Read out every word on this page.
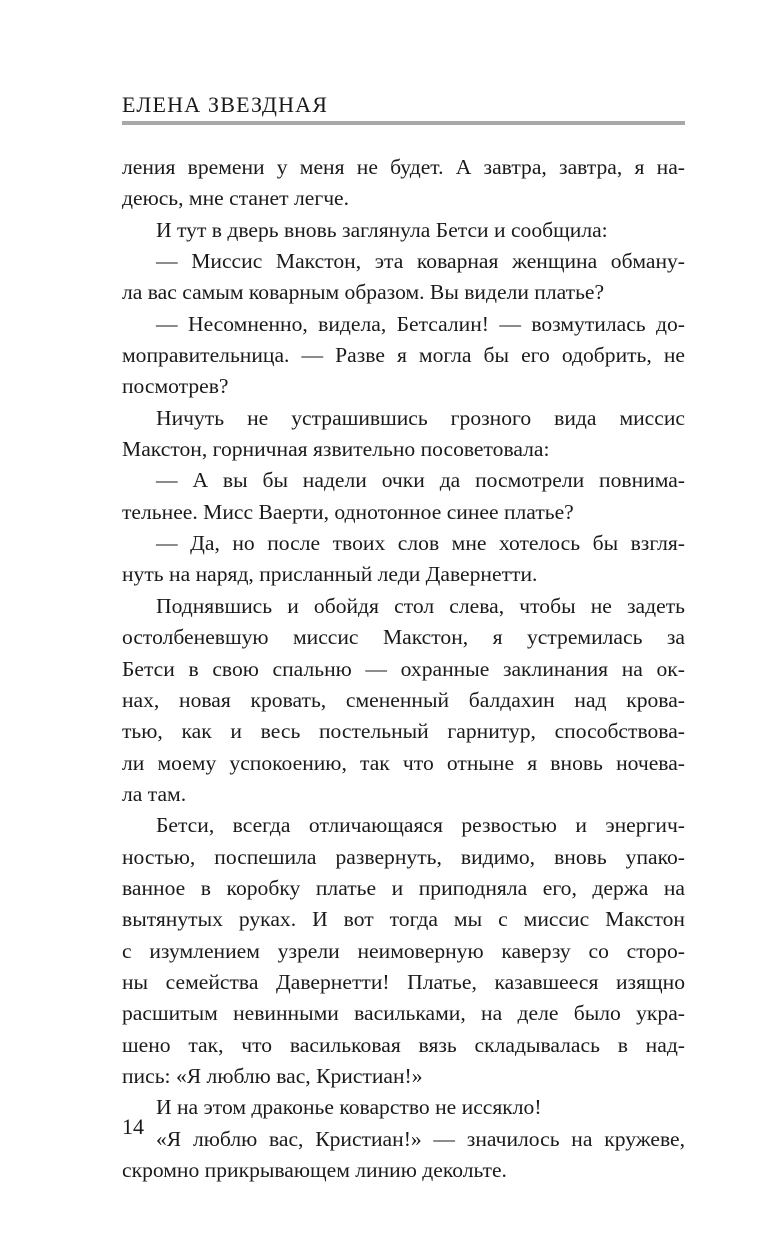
ЕЛЕНА ЗВЕЗДНАЯ
ления времени у меня не будет. А завтра, завтра, я на-
деюсь, мне станет легче.
И тут в дверь вновь заглянула Бетси и сообщила:
— Миссис Макстон, эта коварная женщина обману-
ла вас самым коварным образом. Вы видели платье?
— Несомненно, видела, Бетсалин! — возмутилась до-
моправительница. — Разве я могла бы его одобрить, не
посмотрев?
Ничуть не устрашившись грозного вида миссис
Макстон, горничная язвительно посоветовала:
— А вы бы надели очки да посмотрели повнима-
тельнее. Мисс Ваерти, однотонное синее платье?
— Да, но после твоих слов мне хотелось бы взгля-
нуть на наряд, присланный леди Давернетти.
Поднявшись и обойдя стол слева, чтобы не задеть
остолбеневшую миссис Макстон, я устремилась за
Бетси в свою спальню — охранные заклинания на ок-
нах, новая кровать, смененный балдахин над крова-
тью, как и весь постельный гарнитур, способствова-
ли моему успокоению, так что отныне я вновь ночева-
ла там.
Бетси, всегда отличающаяся резвостью и энергич-
ностью, поспешила развернуть, видимо, вновь упако-
ванное в коробку платье и приподняла его, держа на
вытянутых руках. И вот тогда мы с миссис Макстон
с изумлением узрели неимоверную каверзу со сторо-
ны семейства Давернетти! Платье, казавшееся изящно
расшитым невинными васильками, на деле было укра-
шено так, что васильковая вязь складывалась в над-
пись: «Я люблю вас, Кристиан!»
И на этом драконье коварство не иссякло!
«Я люблю вас, Кристиан!» — значилось на кружеве,
скромно прикрывающем линию декольте.
14
